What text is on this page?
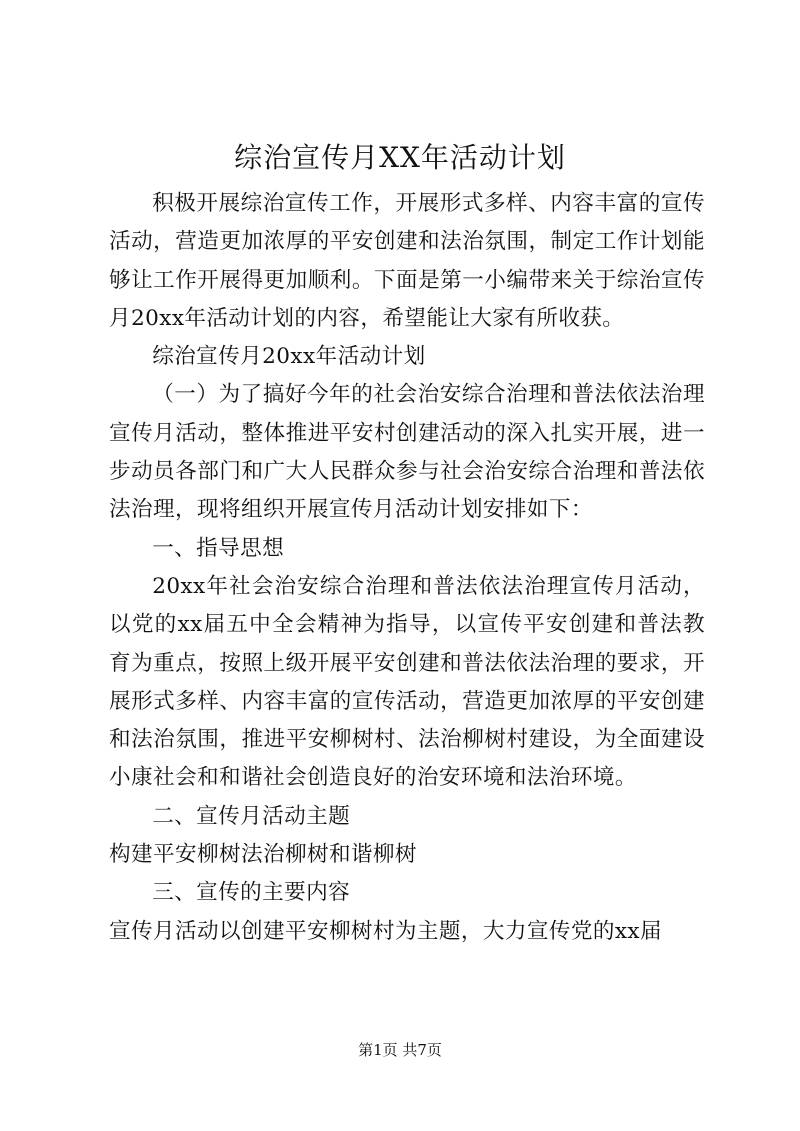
综治宣传月XX年活动计划

积极开展综治宣传工作，开展形式多样、内容丰富的宣传活动，营造更加浓厚的平安创建和法治氛围，制定工作计划能够让工作开展得更加顺利。下面是第一小编带来关于综治宣传月20xx年活动计划的内容，希望能让大家有所收获。

综治宣传月20xx年活动计划

（一）为了搞好今年的社会治安综合治理和普法依法治理宣传月活动，整体推进平安村创建活动的深入扎实开展，进一步动员各部门和广大人民群众参与社会治安综合治理和普法依法治理，现将组织开展宣传月活动计划安排如下：

一、指导思想

20xx年社会治安综合治理和普法依法治理宣传月活动，以党的xx届五中全会精神为指导，以宣传平安创建和普法教育为重点，按照上级开展平安创建和普法依法治理的要求，开展形式多样、内容丰富的宣传活动，营造更加浓厚的平安创建和法治氛围，推进平安柳树村、法治柳树村建设，为全面建设小康社会和和谐社会创造良好的治安环境和法治环境。

二、宣传月活动主题

构建平安柳树法治柳树和谐柳树

三、宣传的主要内容

宣传月活动以创建平安柳树村为主题，大力宣传党的xx届

第1页 共7页
